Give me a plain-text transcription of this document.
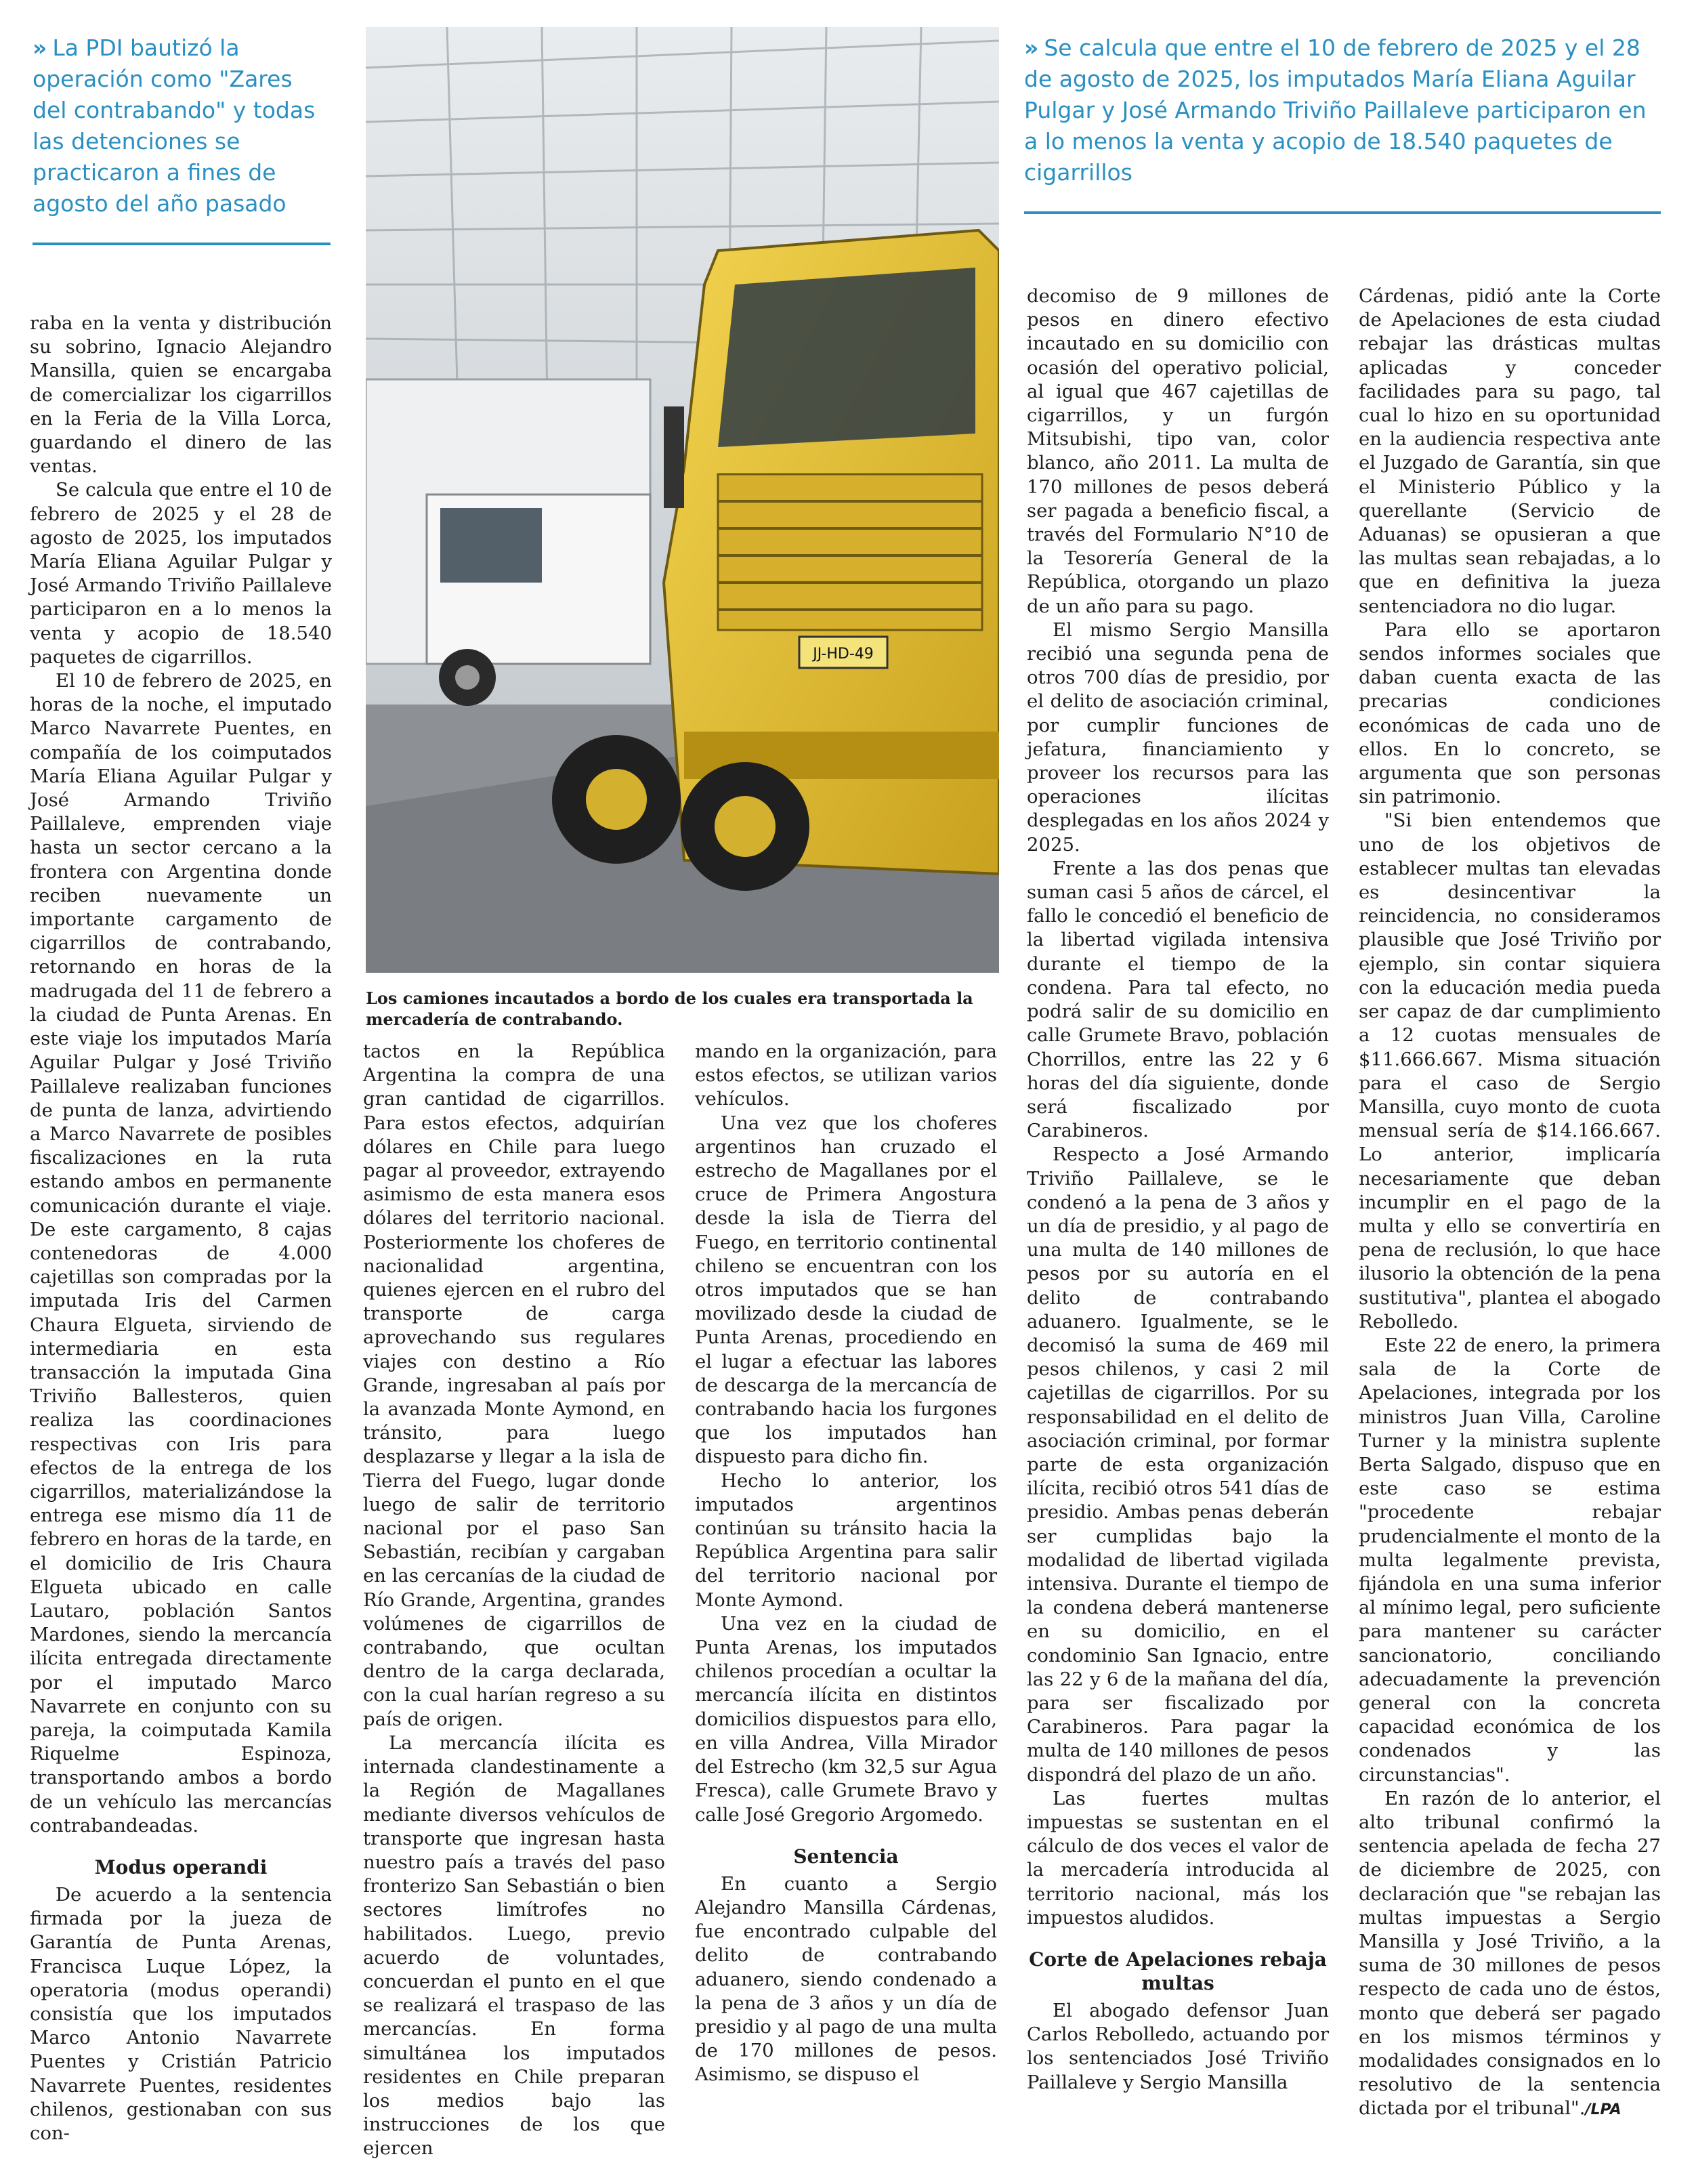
» La PDI bautizó la operación como "Zares del contrabando" y todas las detenciones se practicaron a fines de agosto del año pasado
» Se calcula que entre el 10 de febrero de 2025 y el 28 de agosto de 2025, los imputados María Eliana Aguilar Pulgar y José Armando Triviño Paillaleve participaron en a lo menos la venta y acopio de 18.540 paquetes de cigarrillos
JJ-HD-49
Los camiones incautados a bordo de los cuales era transportada la mercadería de contrabando.

raba en la venta y distribución su sobrino, Ignacio Alejandro Mansilla, quien se encargaba de comercializar los cigarrillos en la Feria de la Villa Lorca, guardando el dinero de las ventas.

Se calcula que entre el 10 de febrero de 2025 y el 28 de agosto de 2025, los imputados María Eliana Aguilar Pulgar y José Armando Triviño Paillaleve participaron en a lo menos la venta y acopio de 18.540 paquetes de cigarrillos.

El 10 de febrero de 2025, en horas de la noche, el imputado Marco Navarrete Puentes, en compañía de los coimputados María Eliana Aguilar Pulgar y José Armando Triviño Paillaleve, emprenden viaje hasta un sector cercano a la frontera con Argentina donde reciben nuevamente un importante cargamento de cigarrillos de contrabando, retornando en horas de la madrugada del 11 de febrero a la ciudad de Punta Arenas. En este viaje los imputados María Aguilar Pulgar y José Triviño Paillaleve realizaban funciones de punta de lanza, advirtiendo a Marco Navarrete de posibles fiscalizaciones en la ruta estando ambos en permanente comunicación durante el viaje. De este cargamento, 8 cajas contenedoras de 4.000 cajetillas son compradas por la imputada Iris del Carmen Chaura Elgueta, sirviendo de intermediaria en esta transacción la imputada Gina Triviño Ballesteros, quien realiza las coordinaciones respectivas con Iris para efectos de la entrega de los cigarrillos, materializándose la entrega ese mismo día 11 de febrero en horas de la tarde, en el domicilio de Iris Chaura Elgueta ubicado en calle Lautaro, población Santos Mardones, siendo la mercancía ilícita entregada directamente por el imputado Marco Navarrete en conjunto con su pareja, la coimputada Kamila Riquelme Espinoza, transportando ambos a bordo de un vehículo las mercancías contrabandeadas.

Modus operandi

De acuerdo a la sentencia firmada por la jueza de Garantía de Punta Arenas, Francisca Luque López, la operatoria (modus operandi) consistía que los imputados Marco Antonio Navarrete Puentes y Cristián Patricio Navarrete Puentes, residentes chilenos, gestionaban con sus con-

tactos en la República Argentina la compra de una gran cantidad de cigarrillos. Para estos efectos, adquirían dólares en Chile para luego pagar al proveedor, extrayendo asimismo de esta manera esos dólares del territorio nacional. Posteriormente los choferes de nacionalidad argentina, quienes ejercen en el rubro del transporte de carga aprovechando sus regulares viajes con destino a Río Grande, ingresaban al país por la avanzada Monte Aymond, en tránsito, para luego desplazarse y llegar a la isla de Tierra del Fuego, lugar donde luego de salir de territorio nacional por el paso San Sebastián, recibían y cargaban en las cercanías de la ciudad de Río Grande, Argentina, grandes volúmenes de cigarrillos de contrabando, que ocultan dentro de la carga declarada, con la cual harían regreso a su país de origen.

La mercancía ilícita es internada clandestinamente a la Región de Magallanes mediante diversos vehículos de transporte que ingresan hasta nuestro país a través del paso fronterizo San Sebastián o bien sectores limítrofes no habilitados. Luego, previo acuerdo de voluntades, concuerdan el punto en el que se realizará el traspaso de las mercancías. En forma simultánea los imputados residentes en Chile preparan los medios bajo las instrucciones de los que ejercen

mando en la organización, para estos efectos, se utilizan varios vehículos.

Una vez que los choferes argentinos han cruzado el estrecho de Magallanes por el cruce de Primera Angostura desde la isla de Tierra del Fuego, en territorio continental chileno se encuentran con los otros imputados que se han movilizado desde la ciudad de Punta Arenas, procediendo en el lugar a efectuar las labores de descarga de la mercancía de contrabando hacia los furgones que los imputados han dispuesto para dicho fin.

Hecho lo anterior, los imputados argentinos continúan su tránsito hacia la República Argentina para salir del territorio nacional por Monte Aymond.

Una vez en la ciudad de Punta Arenas, los imputados chilenos procedían a ocultar la mercancía ilícita en distintos domicilios dispuestos para ello, en villa Andrea, Villa Mirador del Estrecho (km 32,5 sur Agua Fresca), calle Grumete Bravo y calle José Gregorio Argomedo.

Sentencia

En cuanto a Sergio Alejandro Mansilla Cárdenas, fue encontrado culpable del delito de contrabando aduanero, siendo condenado a la pena de 3 años y un día de presidio y al pago de una multa de 170 millones de pesos. Asimismo, se dispuso el

decomiso de 9 millones de pesos en dinero efectivo incautado en su domicilio con ocasión del operativo policial, al igual que 467 cajetillas de cigarrillos, y un furgón Mitsubishi, tipo van, color blanco, año 2011. La multa de 170 millones de pesos deberá ser pagada a beneficio fiscal, a través del Formulario N°10 de la Tesorería General de la República, otorgando un plazo de un año para su pago.

El mismo Sergio Mansilla recibió una segunda pena de otros 700 días de presidio, por el delito de asociación criminal, por cumplir funciones de jefatura, financiamiento y proveer los recursos para las operaciones ilícitas desplegadas en los años 2024 y 2025.

Frente a las dos penas que suman casi 5 años de cárcel, el fallo le concedió el beneficio de la libertad vigilada intensiva durante el tiempo de la condena. Para tal efecto, no podrá salir de su domicilio en calle Grumete Bravo, población Chorrillos, entre las 22 y 6 horas del día siguiente, donde será fiscalizado por Carabineros.

Respecto a José Armando Triviño Paillaleve, se le condenó a la pena de 3 años y un día de presidio, y al pago de una multa de 140 millones de pesos por su autoría en el delito de contrabando aduanero. Igualmente, se le decomisó la suma de 469 mil pesos chilenos, y casi 2 mil cajetillas de cigarrillos. Por su responsabilidad en el delito de asociación criminal, por formar parte de esta organización ilícita, recibió otros 541 días de presidio. Ambas penas deberán ser cumplidas bajo la modalidad de libertad vigilada intensiva. Durante el tiempo de la condena deberá mantenerse en su domicilio, en el condominio San Ignacio, entre las 22 y 6 de la mañana del día, para ser fiscalizado por Carabineros. Para pagar la multa de 140 millones de pesos dispondrá del plazo de un año.

Las fuertes multas impuestas se sustentan en el cálculo de dos veces el valor de la mercadería introducida al territorio nacional, más los impuestos aludidos.

Corte de Apelaciones rebaja multas

El abogado defensor Juan Carlos Rebolledo, actuando por los sentenciados José Triviño Paillaleve y Sergio Mansilla

Cárdenas, pidió ante la Corte de Apelaciones de esta ciudad rebajar las drásticas multas aplicadas y conceder facilidades para su pago, tal cual lo hizo en su oportunidad en la audiencia respectiva ante el Juzgado de Garantía, sin que el Ministerio Público y la querellante (Servicio de Aduanas) se opusieran a que las multas sean rebajadas, a lo que en definitiva la jueza sentenciadora no dio lugar.

Para ello se aportaron sendos informes sociales que daban cuenta exacta de las precarias condiciones económicas de cada uno de ellos. En lo concreto, se argumenta que son personas sin patrimonio.

"Si bien entendemos que uno de los objetivos de establecer multas tan elevadas es desincentivar la reincidencia, no consideramos plausible que José Triviño por ejemplo, sin contar siquiera con la educación media pueda ser capaz de dar cumplimiento a 12 cuotas mensuales de $11.666.667. Misma situación para el caso de Sergio Mansilla, cuyo monto de cuota mensual sería de $14.166.667. Lo anterior, implicaría necesariamente que deban incumplir en el pago de la multa y ello se convertiría en pena de reclusión, lo que hace ilusorio la obtención de la pena sustitutiva", plantea el abogado Rebolledo.

Este 22 de enero, la primera sala de la Corte de Apelaciones, integrada por los ministros Juan Villa, Caroline Turner y la ministra suplente Berta Salgado, dispuso que en este caso se estima "procedente rebajar prudencialmente el monto de la multa legalmente prevista, fijándola en una suma inferior al mínimo legal, pero suficiente para mantener su carácter sancionatorio, conciliando adecuadamente la prevención general con la concreta capacidad económica de los condenados y las circunstancias".

En razón de lo anterior, el alto tribunal confirmó la sentencia apelada de fecha 27 de diciembre de 2025, con declaración que "se rebajan las multas impuestas a Sergio Mansilla y José Triviño, a la suma de 30 millones de pesos respecto de cada uno de éstos, monto que deberá ser pagado en los mismos términos y modalidades consignados en lo resolutivo de la sentencia dictada por el tribunal"./LPA
